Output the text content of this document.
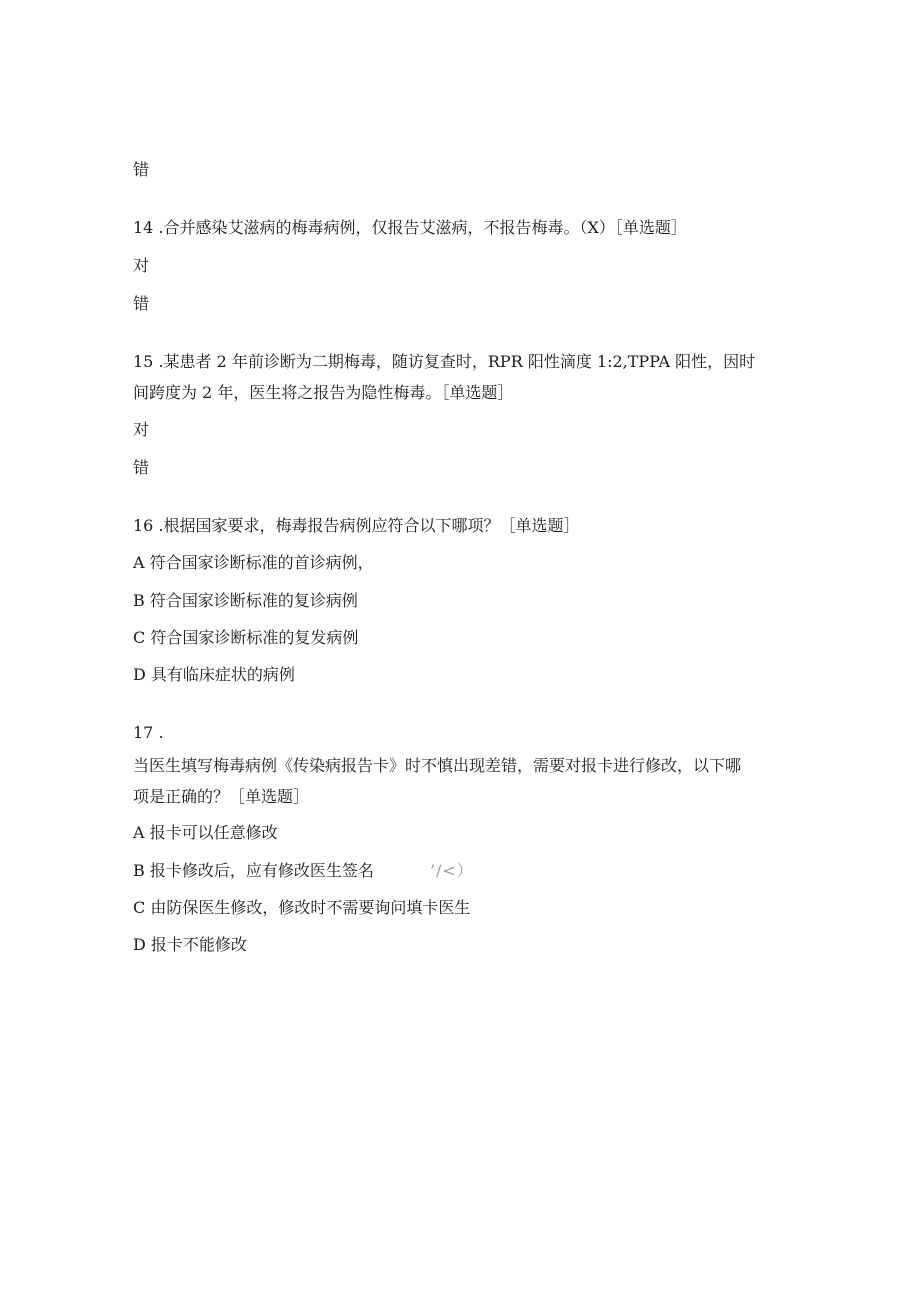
错
14 .合并感染艾滋病的梅毒病例，仅报告艾滋病，不报告梅毒。（X）［单选题］
对
错
15 .某患者 2 年前诊断为二期梅毒，随访复查时，RPR 阳性滴度 1:2,TPPA 阳性，因时
间跨度为 2 年，医生将之报告为隐性梅毒。［单选题］
对
错
16 .根据国家要求，梅毒报告病例应符合以下哪项？［单选题］
A 符合国家诊断标准的首诊病例，
B 符合国家诊断标准的复诊病例
C 符合国家诊断标准的复发病例
D 具有临床症状的病例
17 .
当医生填写梅毒病例《传染病报告卡》时不慎出现差错，需要对报卡进行修改，以下哪
项是正确的？［单选题］
A 报卡可以任意修改
B 报卡修改后，应有修改医生签名	’/<）
C 由防保医生修改，修改时不需要询问填卡医生
D 报卡不能修改
